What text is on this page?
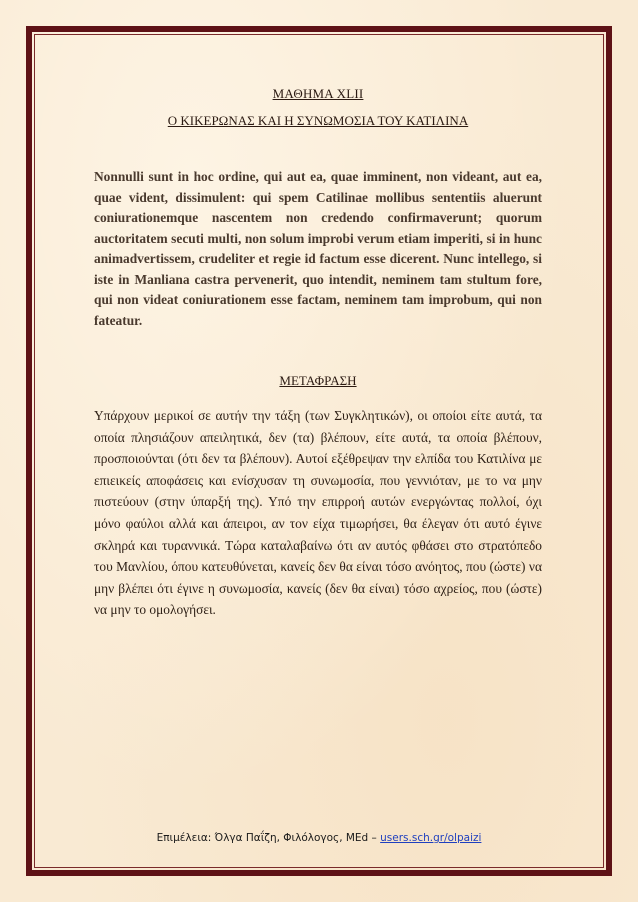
ΜΑΘΗΜΑ XLII
Ο ΚΙΚΕΡΩΝΑΣ ΚΑΙ Η ΣΥΝΩΜΟΣΙΑ ΤΟΥ ΚΑΤΙΛΙΝΑ
Nonnulli sunt in hoc ordine, qui aut ea, quae imminent, non videant, aut ea, quae vident, dissimulent: qui spem Catilinae mollibus sententiis aluerunt coniurationemque nascentem non credendo confirmaverunt; quorum auctoritatem secuti multi, non solum improbi verum etiam imperiti, si in hunc animadvertissem, crudeliter et regie id factum esse dicerent. Nunc intellego, si iste in Manliana castra pervenerit, quo intendit, neminem tam stultum fore, qui non videat coniurationem esse factam, neminem tam improbum, qui non fateatur.
ΜΕΤΑΦΡΑΣΗ
Υπάρχουν μερικοί σε αυτήν την τάξη (των Συγκλητικών), οι οποίοι είτε αυτά, τα οποία πλησιάζουν απειλητικά, δεν (τα) βλέπουν, είτε αυτά, τα οποία βλέπουν, προσποιούνται (ότι δεν τα βλέπουν). Αυτοί εξέθρεψαν την ελπίδα του Κατιλίνα με επιεικείς αποφάσεις και ενίσχυσαν τη συνωμοσία, που γεννιόταν, με το να μην πιστεύουν (στην ύπαρξή της). Υπό την επιρροή αυτών ενεργώντας πολλοί, όχι μόνο φαύλοι αλλά και άπειροι, αν τον είχα τιμωρήσει, θα έλεγαν ότι αυτό έγινε σκληρά και τυραννικά. Τώρα καταλαβαίνω ότι αν αυτός φθάσει στο στρατόπεδο του Μανλίου, όπου κατευθύνεται, κανείς δεν θα είναι τόσο ανόητος, που (ώστε) να μην βλέπει ότι έγινε η συνωμοσία, κανείς (δεν θα είναι) τόσο αχρείος, που (ώστε) να μην το ομολογήσει.
Επιμέλεια: Όλγα Παΐζη, Φιλόλογος, MEd – users.sch.gr/olpaizi
